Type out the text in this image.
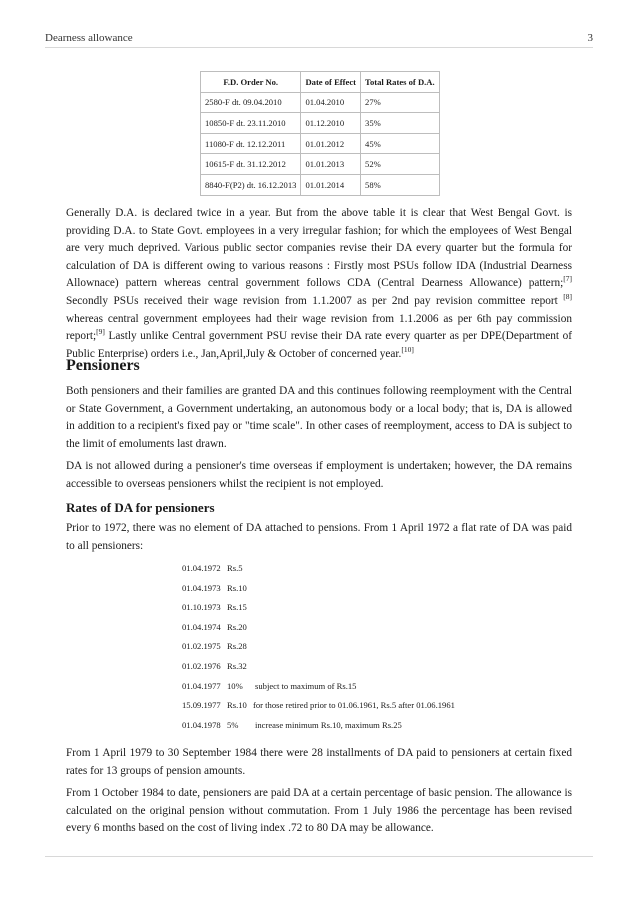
Dearness allowance	3
F.D. Order No.	Date of Effect	Total Rates of D.A.
2580-F dt. 09.04.2010	01.04.2010	27%
10850-F dt. 23.11.2010	01.12.2010	35%
11080-F dt. 12.12.2011	01.01.2012	45%
10615-F dt. 31.12.2012	01.01.2013	52%
8840-F(P2) dt. 16.12.2013	01.01.2014	58%

Generally D.A. is declared twice in a year. But from the above table it is clear that West Bengal Govt. is providing D.A. to State Govt. employees in a very irregular fashion; for which the employees of West Bengal are very much deprived. Various public sector companies revise their DA every quarter but the formula for calculation of DA is different owing to various reasons : Firstly most PSUs follow IDA (Industrial Dearness Allownace) pattern whereas central government follows CDA (Central Dearness Allowance) pattern;[7] Secondly PSUs received their wage revision from 1.1.2007 as per 2nd pay revision committee report [8] whereas central government employees had their wage revision from 1.1.2006 as per 6th pay commission report;[9] Lastly unlike Central government PSU revise their DA rate every quarter as per DPE(Department of Public Enterprise) orders i.e., Jan,April,July & October of concerned year.[10]

Pensioners

Both pensioners and their families are granted DA and this continues following reemployment with the Central or State Government, a Government undertaking, an autonomous body or a local body; that is, DA is allowed in addition to a recipient's fixed pay or "time scale". In other cases of reemployment, access to DA is subject to the limit of emoluments last drawn.

DA is not allowed during a pensioner's time overseas if employment is undertaken; however, the DA remains accessible to overseas pensioners whilst the recipient is not employed.

Rates of DA for pensioners

Prior to 1972, there was no element of DA attached to pensions. From 1 April 1972 a flat rate of DA was paid to all pensioners:

01.04.1972 Rs.5
01.04.1973 Rs.10
01.10.1973 Rs.15
01.04.1974 Rs.20
01.02.1975 Rs.28
01.02.1976 Rs.32
01.04.1977 10% subject to maximum of Rs.15
15.09.1977 Rs.10 for those retired prior to 01.06.1961, Rs.5 after 01.06.1961
01.04.1978 5% increase minimum Rs.10, maximum Rs.25

From 1 April 1979 to 30 September 1984 there were 28 installments of DA paid to pensioners at certain fixed rates for 13 groups of pension amounts.

From 1 October 1984 to date, pensioners are paid DA at a certain percentage of basic pension. The allowance is calculated on the original pension without commutation. From 1 July 1986 the percentage has been revised every 6 months based on the cost of living index .72 to 80 DA may be allowance.
